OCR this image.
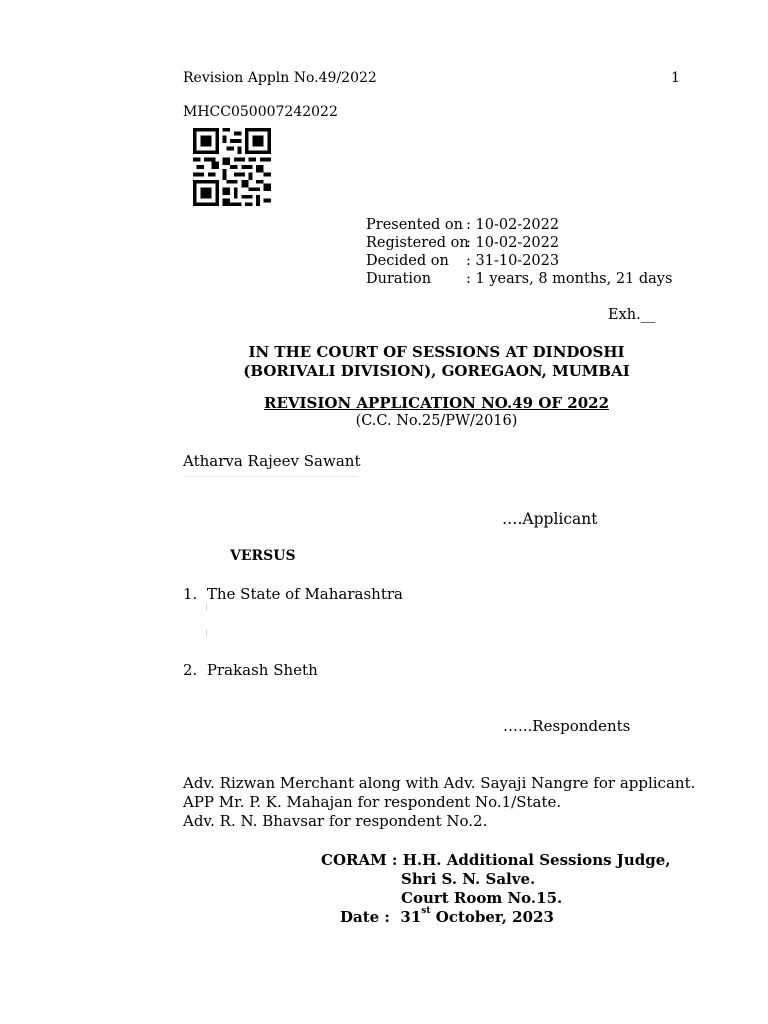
Revision Appln No.49/2022	1
MHCC050007242022
Presented on : 10-02-2022
Registered on: 10-02-2022
Decided on : 31-10-2023
Duration : 1 years, 8 months, 21 days
Exh.__
IN THE COURT OF SESSIONS AT DINDOSHI
(BORIVALI DIVISION), GOREGAON, MUMBAI
REVISION APPLICATION NO.49 OF 2022
(C.C. No.25/PW/2016)
Atharva Rajeev Sawant
….Applicant
VERSUS
1. The State of Maharashtra
2. Prakash Sheth
…...Respondents
Adv. Rizwan Merchant along with Adv. Sayaji Nangre for applicant.
APP Mr. P. K. Mahajan for respondent No.1/State.
Adv. R. N. Bhavsar for respondent No.2.
CORAM : H.H. Additional Sessions Judge,
Shri S. N. Salve.
Court Room No.15.
Date : 31st October, 2023
